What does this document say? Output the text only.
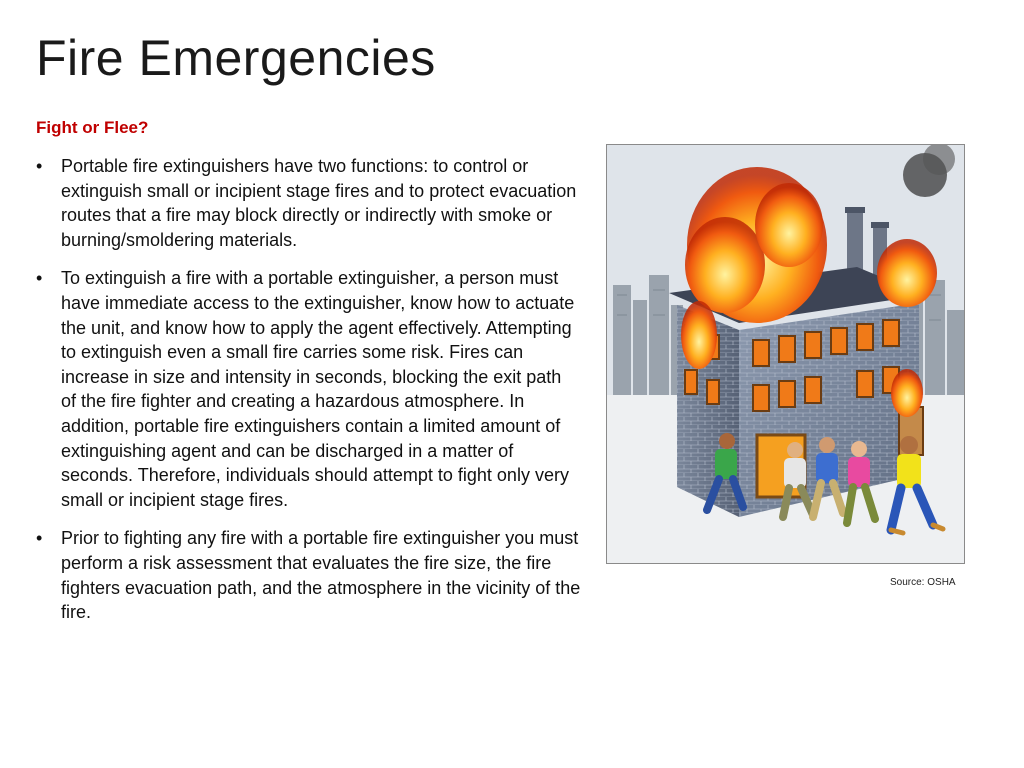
Fire Emergencies
Fight or Flee?
• Portable fire extinguishers have two functions: to control or extinguish small or incipient stage fires and to protect evacuation routes that a fire may block directly or indirectly with smoke or burning/smoldering materials.
• To extinguish a fire with a portable extinguisher, a person must have immediate access to the extinguisher, know how to actuate the unit, and know how to apply the agent effectively. Attempting to extinguish even a small fire carries some risk. Fires can increase in size and intensity in seconds, blocking the exit path of the fire fighter and creating a hazardous atmosphere. In addition, portable fire extinguishers contain a limited amount of extinguishing agent and can be discharged in a matter of seconds. Therefore, individuals should attempt to fight only very small or incipient stage fires.
• Prior to fighting any fire with a portable fire extinguisher you must perform a risk assessment that evaluates the fire size, the fire fighters evacuation path, and the atmosphere in the vicinity of the fire.
Source: OSHA
